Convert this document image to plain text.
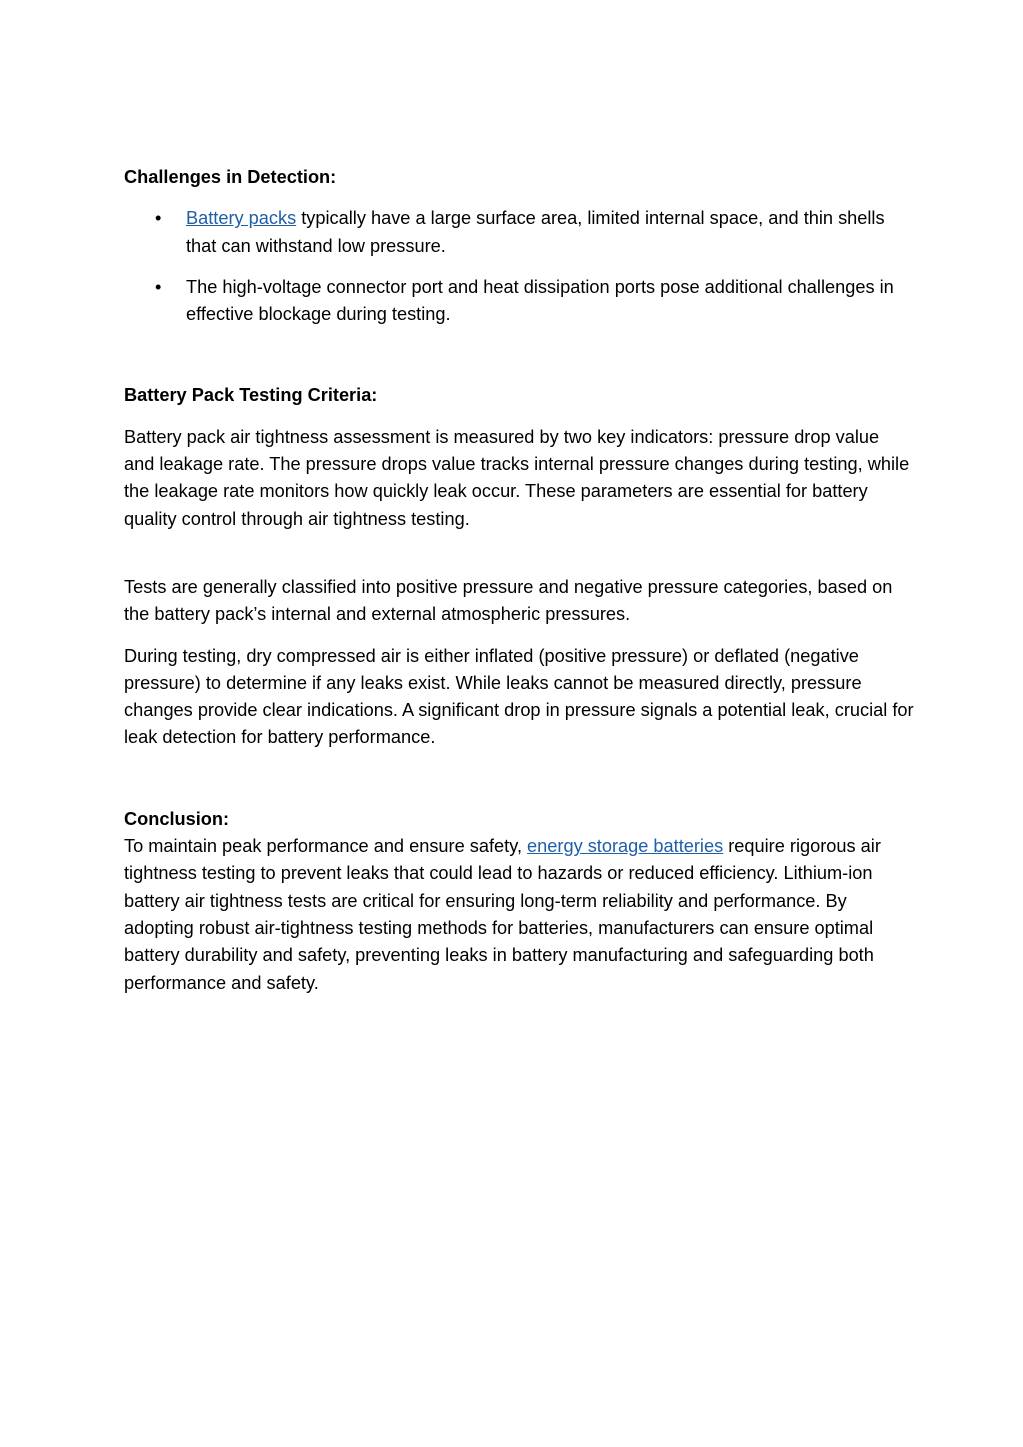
Challenges in Detection:

• Battery packs typically have a large surface area, limited internal space, and thin shells that can withstand low pressure.
• The high-voltage connector port and heat dissipation ports pose additional challenges in effective blockage during testing.

Battery Pack Testing Criteria:

Battery pack air tightness assessment is measured by two key indicators: pressure drop value and leakage rate. The pressure drops value tracks internal pressure changes during testing, while the leakage rate monitors how quickly leak occur. These parameters are essential for battery quality control through air tightness testing.

Tests are generally classified into positive pressure and negative pressure categories, based on the battery pack’s internal and external atmospheric pressures.

During testing, dry compressed air is either inflated (positive pressure) or deflated (negative pressure) to determine if any leaks exist. While leaks cannot be measured directly, pressure changes provide clear indications. A significant drop in pressure signals a potential leak, crucial for leak detection for battery performance.

Conclusion:

To maintain peak performance and ensure safety, energy storage batteries require rigorous air tightness testing to prevent leaks that could lead to hazards or reduced efficiency. Lithium-ion battery air tightness tests are critical for ensuring long-term reliability and performance. By adopting robust air-tightness testing methods for batteries, manufacturers can ensure optimal battery durability and safety, preventing leaks in battery manufacturing and safeguarding both performance and safety.
